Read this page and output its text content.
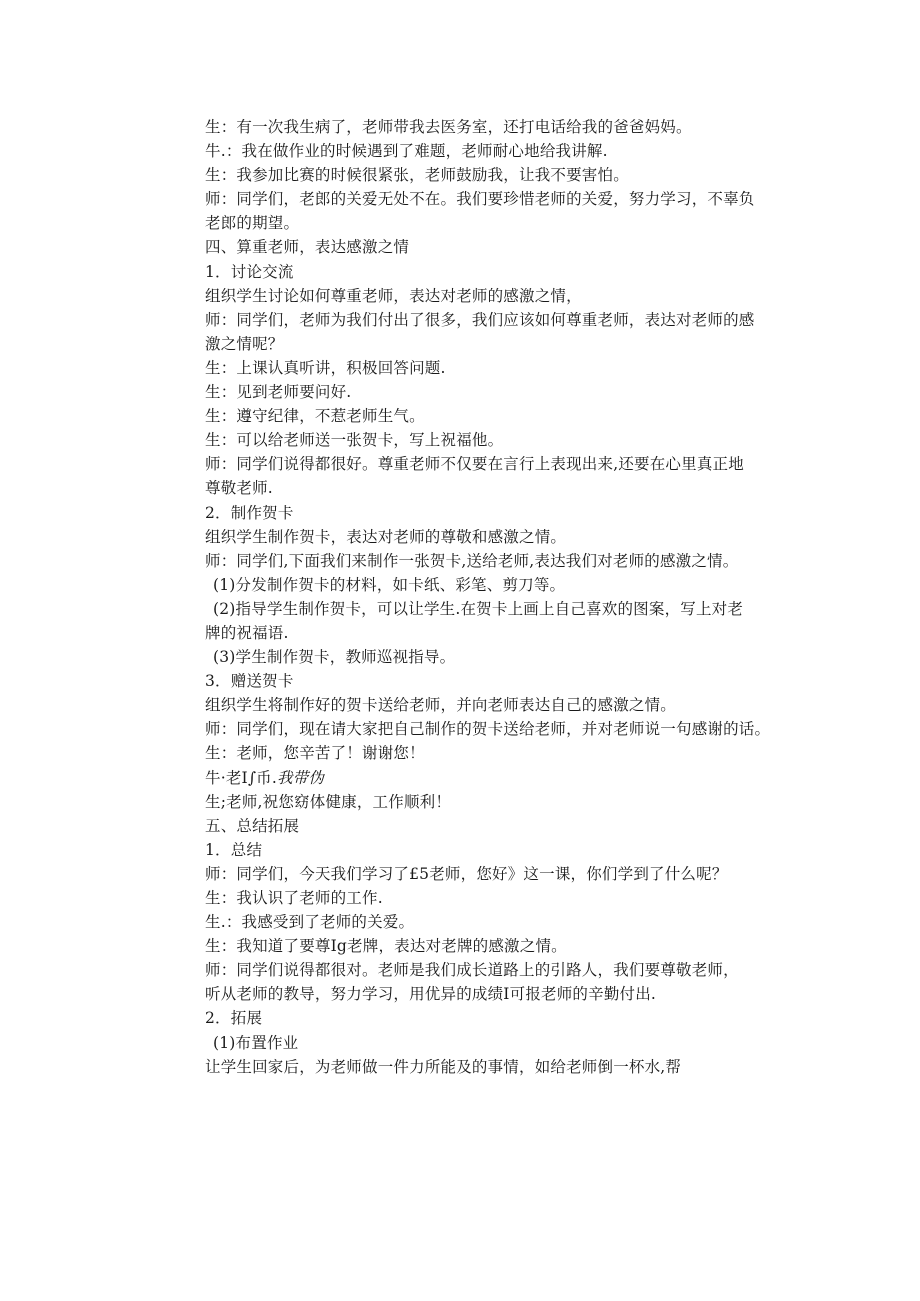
生：有一次我生病了，老师带我去医务室，还打电话给我的爸爸妈妈。
牛.：我在做作业的时候遇到了难题，老师耐心地给我讲解.
生：我参加比赛的时候很紧张，老师鼓励我，让我不要害怕。
师：同学们，老郎的关爱无处不在。我们要珍惜老师的关爱，努力学习，不辜负
老郎的期望。
四、算重老师，表达感激之情
1．讨论交流
组织学生讨论如何尊重老师，表达对老师的感激之情，
师：同学们，老师为我们付出了很多，我们应该如何尊重老师，表达对老师的感
激之情呢？
生：上课认真听讲，积极回答问题.
生：见到老师要问好.
生：遵守纪律，不惹老师生气。
生：可以给老师送一张贺卡，写上祝福他。
师：同学们说得都很好。尊重老师不仅要在言行上表现出来,还要在心里真正地
尊敬老师.
2．制作贺卡
组织学生制作贺卡，表达对老师的尊敬和感激之情。
师：同学们,下面我们来制作一张贺卡,送给老师,表达我们对老师的感激之情。
(1)分发制作贺卡的材料，如卡纸、彩笔、剪刀等。
(2)指导学生制作贺卡，可以让学生.在贺卡上画上自己喜欢的图案，写上对老
牌的祝福语.
(3)学生制作贺卡，教师巡视指导。
3．赠送贺卡
组织学生将制作好的贺卡送给老师，并向老师表达自己的感激之情。
师：同学们，现在请大家把自己制作的贺卡送给老师，并对老师说一句感谢的话。
生：老师，您辛苦了！谢谢您！
牛·老I∫币.我带伪
生;老师,祝您窈体健康，工作顺利！
五、总结拓展
1．总结
师：同学们，今天我们学习了£5老师，您好》这一课，你们学到了什么呢？
生：我认识了老师的工作.
生.：我感受到了老师的关爱。
生：我知道了要尊Ig老牌，表达对老牌的感激之情。
师：同学们说得都很对。老师是我们成长道路上的引路人，我们要尊敬老师，
听从老师的教导，努力学习，用优异的成绩I可报老师的辛勤付出.
2．拓展
(1)布置作业
让学生回家后，为老师做一件力所能及的事情，如给老师倒一杯水,帮
